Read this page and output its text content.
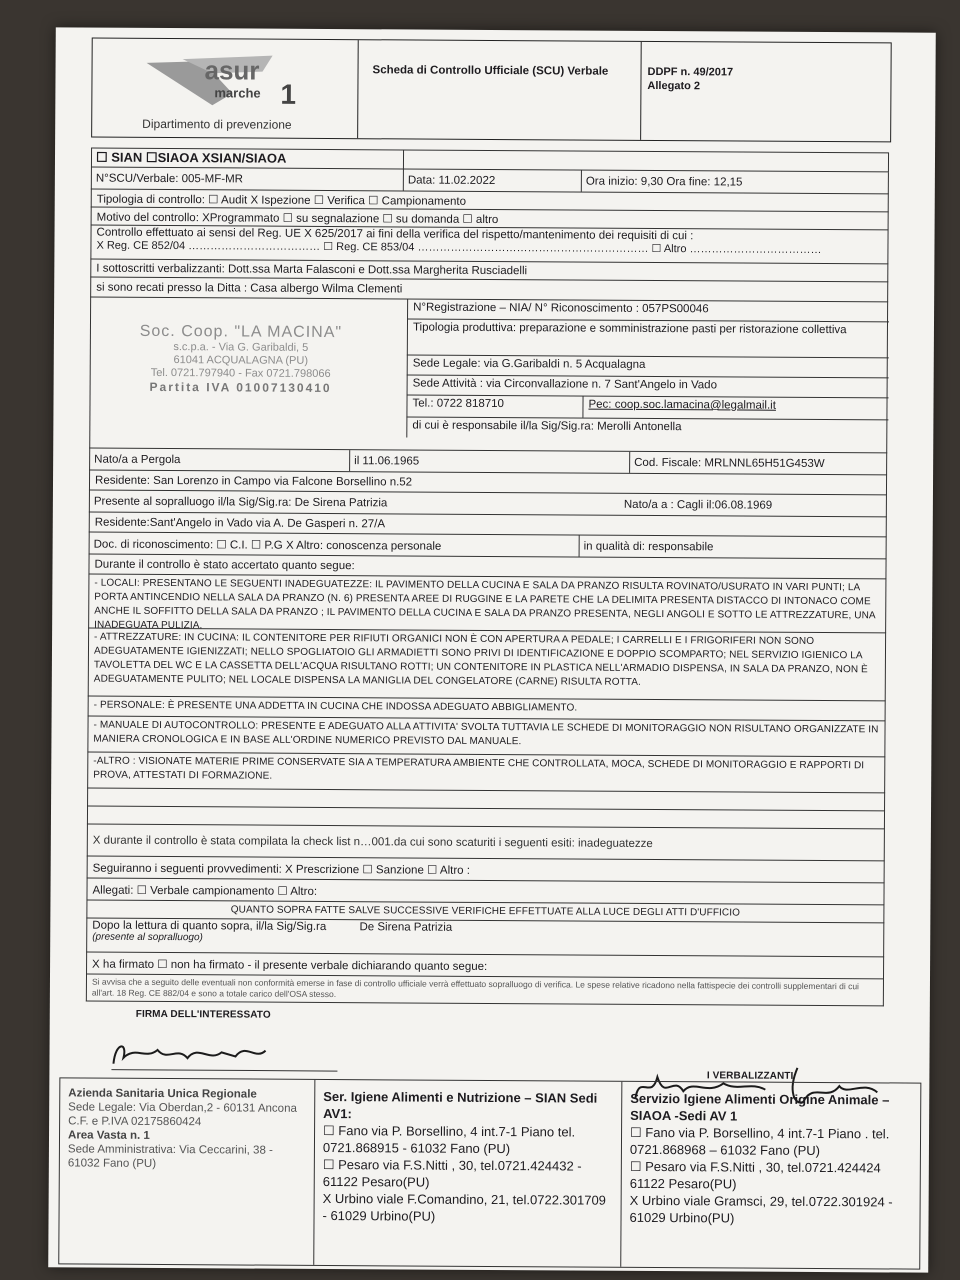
asur
marche 1
Dipartimento di prevenzione
Scheda di Controllo Ufficiale (SCU) Verbale	DDPF n. 49/2017
Allegato 2
☐ SIAN ☐SIAOA XSIAN/SIAOA
N°SCU/Verbale: 005-MF-MR	Data: 11.02.2022	Ora inizio: 9,30 Ora fine: 12,15
Tipologia di controllo: ☐ Audit X Ispezione ☐ Verifica ☐ Campionamento
Motivo del controllo: XProgrammato ☐ su segnalazione ☐ su domanda ☐ altro
Controllo effettuato ai sensi del Reg. UE X 625/2017 ai fini della verifica del rispetto/mantenimento dei requisiti di cui :
X Reg. CE 852/04 ……………………………… ☐ Reg. CE 853/04 ……………………………………………………… ☐ Altro ………………………………
I sottoscritti verbalizzanti: Dott.ssa Marta Falasconi e Dott.ssa Margherita Rusciadelli
si sono recati presso la Ditta : Casa albergo Wilma Clementi
Soc. Coop. "LA MACINA"
s.c.p.a. - Via G. Garibaldi, 5
61041 ACQUALAGNA (PU)
Tel. 0721.797940 - Fax 0721.798066
Partita IVA 01007130410
N°Registrazione – NIA/ N° Riconoscimento : 057PS00046
Tipologia produttiva: preparazione e somministrazione pasti per ristorazione collettiva
Sede Legale: via G.Garibaldi n. 5 Acqualagna
Sede Attività : via Circonvallazione n. 7 Sant'Angelo in Vado
Tel.: 0722 818710	Pec: coop.soc.lamacina@legalmail.it
di cui è responsabile il/la Sig/Sig.ra: Merolli Antonella
Nato/a a Pergola	il 11.06.1965	Cod. Fiscale: MRLNNL65H51G453W
Residente: San Lorenzo in Campo via Falcone Borsellino n.52
Presente al sopralluogo il/la Sig/Sig.ra: De Sirena Patrizia	Nato/a a : Cagli il:06.08.1969
Residente:Sant'Angelo in Vado via A. De Gasperi n. 27/A
Doc. di riconoscimento: ☐ C.I. ☐ P.G X Altro: conoscenza personale	in qualità di: responsabile
Durante il controllo è stato accertato quanto segue:
- LOCALI: PRESENTANO LE SEGUENTI INADEGUATEZZE: IL PAVIMENTO DELLA CUCINA E SALA DA PRANZO RISULTA ROVINATO/USURATO IN VARI PUNTI; LA PORTA ANTINCENDIO NELLA SALA DA PRANZO (N. 6) PRESENTA AREE DI RUGGINE E LA PARETE CHE LA DELIMITA PRESENTA DISTACCO DI INTONACO COME ANCHE IL SOFFITTO DELLA SALA DA PRANZO ; IL PAVIMENTO DELLA CUCINA E SALA DA PRANZO PRESENTA, NEGLI ANGOLI E SOTTO LE ATTREZZATURE, UNA INADEGUATA PULIZIA.
- ATTREZZATURE: IN CUCINA: IL CONTENITORE PER RIFIUTI ORGANICI NON È CON APERTURA A PEDALE; I CARRELLI E I FRIGORIFERI NON SONO ADEGUATAMENTE IGIENIZZATI; NELLO SPOGLIATOIO GLI ARMADIETTI SONO PRIVI DI IDENTIFICAZIONE E DOPPIO SCOMPARTO; NEL SERVIZIO IGIENICO LA TAVOLETTA DEL WC E LA CASSETTA DELL'ACQUA RISULTANO ROTTI; UN CONTENITORE IN PLASTICA NELL'ARMADIO DISPENSA, IN SALA DA PRANZO, NON È ADEGUATAMENTE PULITO; NEL LOCALE DISPENSA LA MANIGLIA DEL CONGELATORE (CARNE) RISULTA ROTTA.
- PERSONALE: È PRESENTE UNA ADDETTA IN CUCINA CHE INDOSSA ADEGUATO ABBIGLIAMENTO.
- MANUALE DI AUTOCONTROLLO: PRESENTE E ADEGUATO ALLA ATTIVITA' SVOLTA TUTTAVIA LE SCHEDE DI MONITORAGGIO NON RISULTANO ORGANIZZATE IN MANIERA CRONOLOGICA E IN BASE ALL'ORDINE NUMERICO PREVISTO DAL MANUALE.
-ALTRO : VISIONATE MATERIE PRIME CONSERVATE SIA A TEMPERATURA AMBIENTE CHE CONTROLLATA, MOCA, SCHEDE DI MONITORAGGIO E RAPPORTI DI PROVA, ATTESTATI DI FORMAZIONE.
X durante il controllo è stata compilata la check list n…001.da cui sono scaturiti i seguenti esiti: inadeguatezze
Seguiranno i seguenti provvedimenti: X Prescrizione ☐ Sanzione ☐ Altro :
Allegati: ☐ Verbale campionamento ☐ Altro:
QUANTO SOPRA FATTE SALVE SUCCESSIVE VERIFICHE EFFETTUATE ALLA LUCE DEGLI ATTI D'UFFICIO
Dopo la lettura di quanto sopra, il/la Sig/Sig.ra	De Sirena Patrizia
(presente al sopralluogo)
X ha firmato ☐ non ha firmato - il presente verbale dichiarando quanto segue:
Si avvisa che a seguito delle eventuali non conformità emerse in fase di controllo ufficiale verrà effettuato sopralluogo di verifica. Le spese relative ricadono nella fattispecie dei controlli supplementari di cui all'art. 18 Reg. CE 882/04 e sono a totale carico dell'OSA stesso.
FIRMA DELL'INTERESSATO
I VERBALIZZANTI
Azienda Sanitaria Unica Regionale
Sede Legale: Via Oberdan,2 - 60131 Ancona
C.F. e P.IVA 02175860424
Area Vasta n. 1
Sede Amministrativa: Via Ceccarini, 38 -
61032 Fano (PU)
Ser. Igiene Alimenti e Nutrizione – SIAN Sedi AV1:
☐ Fano via P. Borsellino, 4 int.7-1 Piano tel. 0721.868915 - 61032 Fano (PU)
☐ Pesaro via F.S.Nitti , 30, tel.0721.424432 - 61122 Pesaro(PU)
X Urbino viale F.Comandino, 21, tel.0722.301709 - 61029 Urbino(PU)
Servizio Igiene Alimenti Origine Animale – SIAOA -Sedi AV 1
☐ Fano via P. Borsellino, 4 int.7-1 Piano . tel. 0721.868968 – 61032 Fano (PU)
☐ Pesaro via F.S.Nitti , 30, tel.0721.424424 61122 Pesaro(PU)
X Urbino viale Gramsci, 29, tel.0722.301924 - 61029 Urbino(PU)
